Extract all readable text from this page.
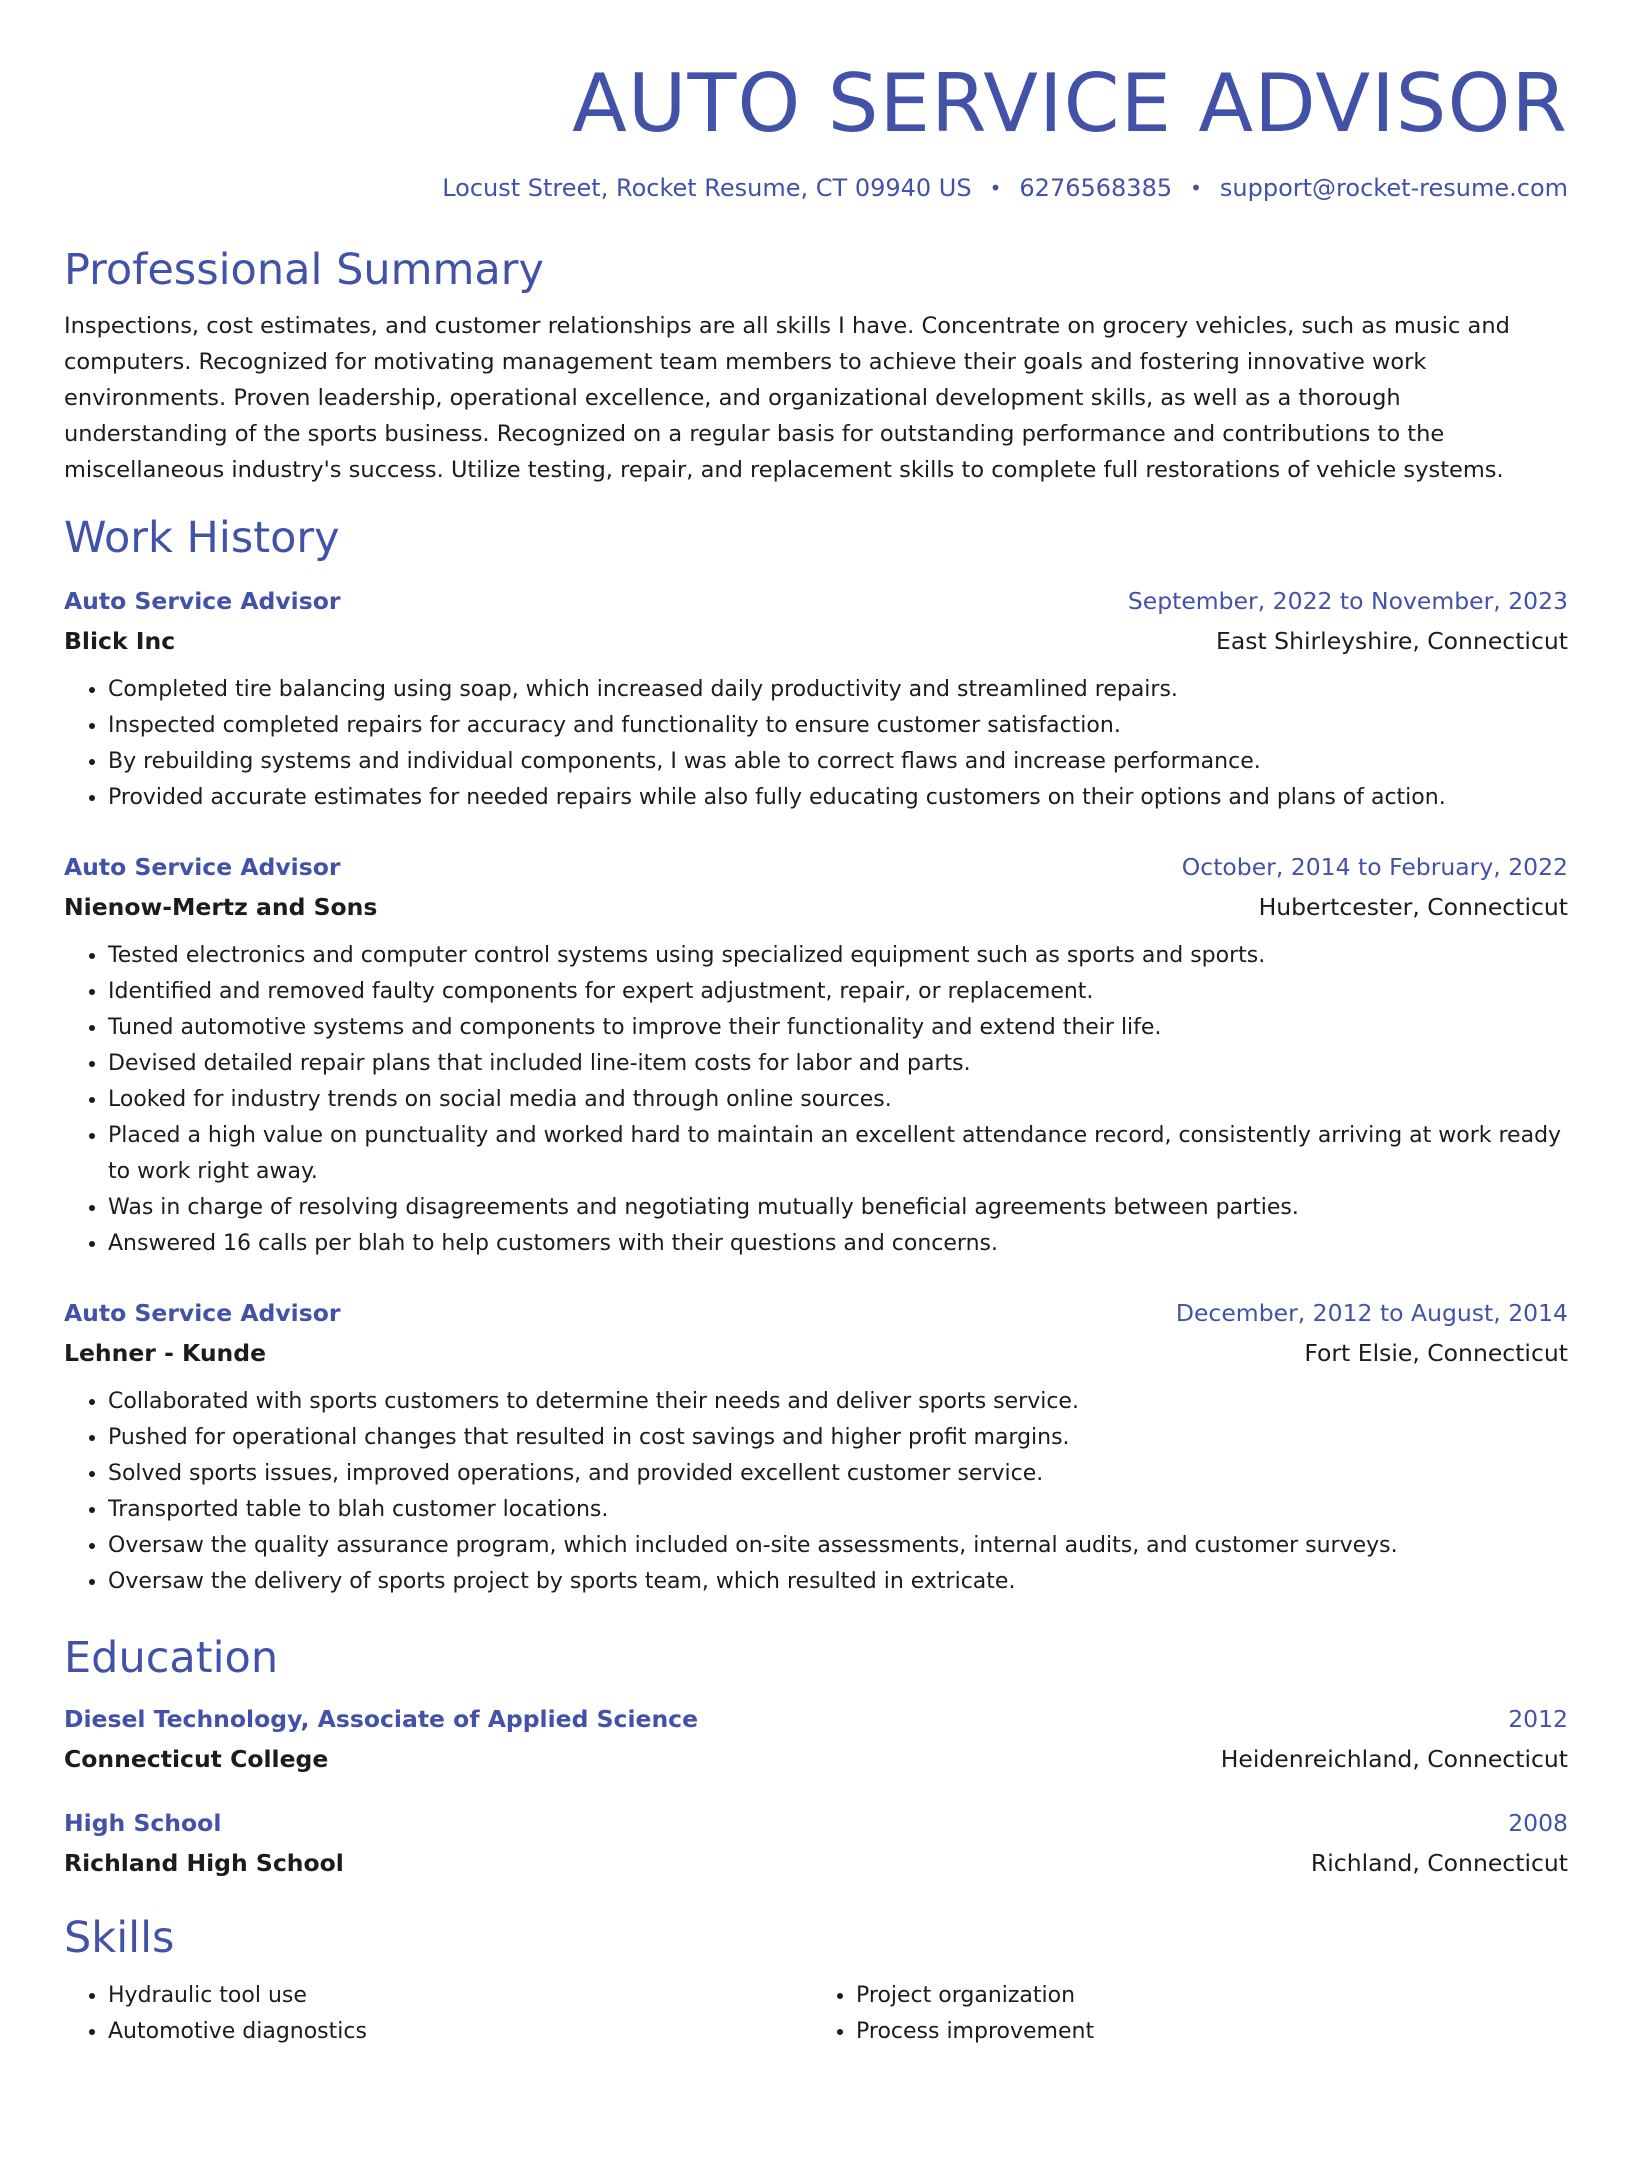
AUTO SERVICE ADVISOR
Locust Street, Rocket Resume, CT 09940 US • 6276568385 • support@rocket-resume.com
Professional Summary

Inspections, cost estimates, and customer relationships are all skills I have. Concentrate on grocery vehicles, such as music and computers. Recognized for motivating management team members to achieve their goals and fostering innovative work environments. Proven leadership, operational excellence, and organizational development skills, as well as a thorough understanding of the sports business. Recognized on a regular basis for outstanding performance and contributions to the miscellaneous industry's success. Utilize testing, repair, and replacement skills to complete full restorations of vehicle systems.

Work History
Auto Service Advisor	September, 2022 to November, 2023
Blick Inc	East Shirleyshire, Connecticut
• Completed tire balancing using soap, which increased daily productivity and streamlined repairs.
• Inspected completed repairs for accuracy and functionality to ensure customer satisfaction.
• By rebuilding systems and individual components, I was able to correct flaws and increase performance.
• Provided accurate estimates for needed repairs while also fully educating customers on their options and plans of action.
Auto Service Advisor	October, 2014 to February, 2022
Nienow-Mertz and Sons	Hubertcester, Connecticut
• Tested electronics and computer control systems using specialized equipment such as sports and sports.
• Identified and removed faulty components for expert adjustment, repair, or replacement.
• Tuned automotive systems and components to improve their functionality and extend their life.
• Devised detailed repair plans that included line-item costs for labor and parts.
• Looked for industry trends on social media and through online sources.
• Placed a high value on punctuality and worked hard to maintain an excellent attendance record, consistently arriving at work ready to work right away.
• Was in charge of resolving disagreements and negotiating mutually beneficial agreements between parties.
• Answered 16 calls per blah to help customers with their questions and concerns.
Auto Service Advisor	December, 2012 to August, 2014
Lehner - Kunde	Fort Elsie, Connecticut
• Collaborated with sports customers to determine their needs and deliver sports service.
• Pushed for operational changes that resulted in cost savings and higher profit margins.
• Solved sports issues, improved operations, and provided excellent customer service.
• Transported table to blah customer locations.
• Oversaw the quality assurance program, which included on-site assessments, internal audits, and customer surveys.
• Oversaw the delivery of sports project by sports team, which resulted in extricate.
Education
Diesel Technology, Associate of Applied Science	2012
Connecticut College	Heidenreichland, Connecticut
High School	2008
Richland High School	Richland, Connecticut
Skills
• Hydraulic tool use
• Automotive diagnostics
• Project organization
• Process improvement
